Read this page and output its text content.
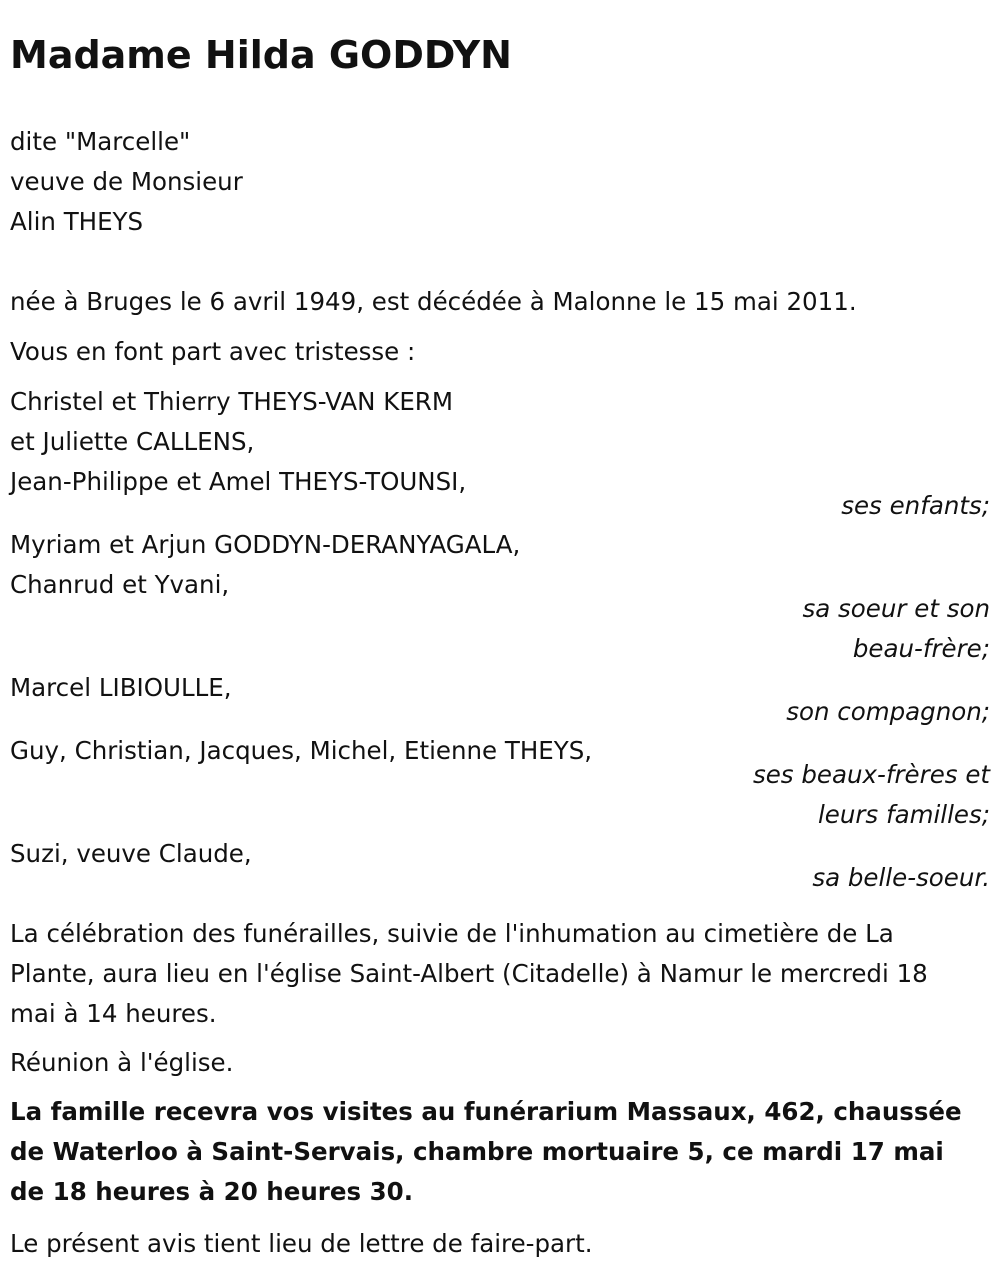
Madame Hilda GODDYN
dite "Marcelle"
veuve de Monsieur
Alin THEYS
née à Bruges le 6 avril 1949, est décédée à Malonne le 15 mai 2011.
Vous en font part avec tristesse :
Christel et Thierry THEYS-VAN KERM
et Juliette CALLENS,
Jean-Philippe et Amel THEYS-TOUNSI,
ses enfants;
Myriam et Arjun GODDYN-DERANYAGALA,
Chanrud et Yvani,
sa soeur et son
beau-frère;
Marcel LIBIOULLE,
son compagnon;
Guy, Christian, Jacques, Michel, Etienne THEYS,
ses beaux-frères et
leurs familles;
Suzi, veuve Claude,
sa belle-soeur.
La célébration des funérailles, suivie de l'inhumation au cimetière de La Plante, aura lieu en l'église Saint-Albert (Citadelle) à Namur le mercredi 18 mai à 14 heures.
Réunion à l'église.
La famille recevra vos visites au funérarium Massaux, 462, chaussée de Waterloo à Saint-Servais, chambre mortuaire 5, ce mardi 17 mai de 18 heures à 20 heures 30.
Le présent avis tient lieu de lettre de faire-part.
